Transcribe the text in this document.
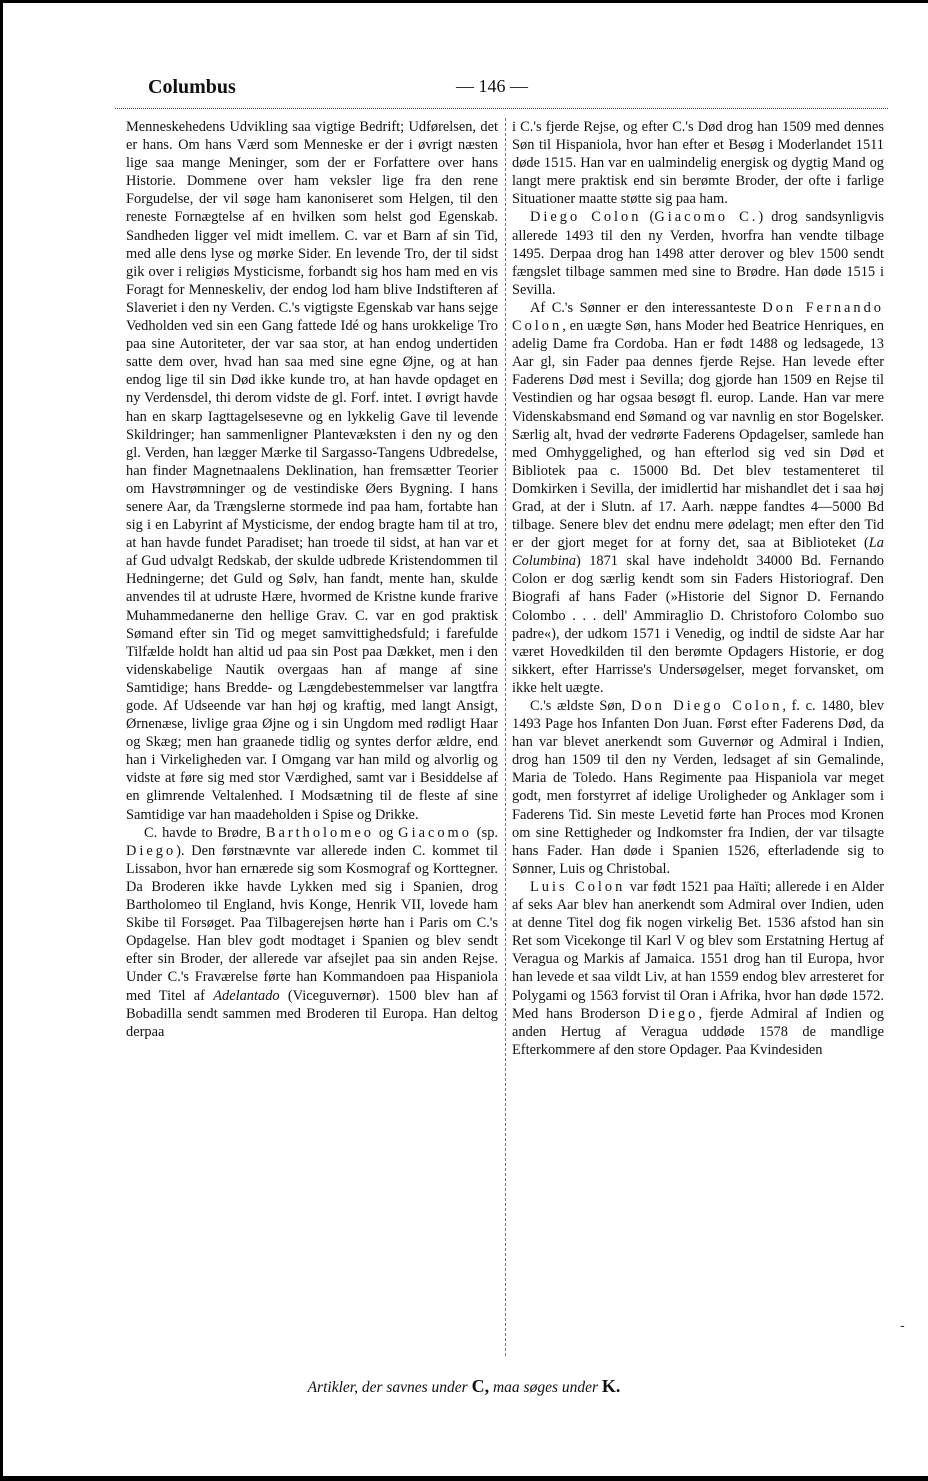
Columbus	— 146 —

Menneskehedens Udvikling saa vigtige Bedrift; Udførelsen, det er hans. Om hans Værd som Menneske er der i øvrigt næsten lige saa mange Meninger, som der er Forfattere over hans Historie. Dommene over ham veksler lige fra den rene Forgudelse, der vil søge ham kanoniseret som Helgen, til den reneste Fornægtelse af en hvilken som helst god Egenskab. Sandheden ligger vel midt imellem. C. var et Barn af sin Tid, med alle dens lyse og mørke Sider. En levende Tro, der til sidst gik over i religiøs Mysticisme, forbandt sig hos ham med en vis Foragt for Menneskeliv, der endog lod ham blive Indstifteren af Slaveriet i den ny Verden. C.'s vigtigste Egenskab var hans sejge Vedholden ved sin een Gang fattede Idé og hans urokkelige Tro paa sine Autoriteter, der var saa stor, at han endog undertiden satte dem over, hvad han saa med sine egne Øjne, og at han endog lige til sin Død ikke kunde tro, at han havde opdaget en ny Verdensdel, thi derom vidste de gl. Forf. intet. I øvrigt havde han en skarp Iagttagelsesevne og en lykkelig Gave til levende Skildringer; han sammenligner Plantevæksten i den ny og den gl. Verden, han lægger Mærke til Sargasso-Tangens Udbredelse, han finder Magnetnaalens Deklination, han fremsætter Teorier om Havstrømninger og de vestindiske Øers Bygning. I hans senere Aar, da Trængslerne stormede ind paa ham, fortabte han sig i en Labyrint af Mysticisme, der endog bragte ham til at tro, at han havde fundet Paradiset; han troede til sidst, at han var et af Gud udvalgt Redskab, der skulde udbrede Kristendommen til Hedningerne; det Guld og Sølv, han fandt, mente han, skulde anvendes til at udruste Hære, hvormed de Kristne kunde frarive Muhammedanerne den hellige Grav. C. var en god praktisk Sømand efter sin Tid og meget samvittighedsfuld; i farefulde Tilfælde holdt han altid ud paa sin Post paa Dækket, men i den videnskabelige Nautik overgaas han af mange af sine Samtidige; hans Bredde- og Længdebestemmelser var langtfra gode. Af Udseende var han høj og kraftig, med langt Ansigt, Ørnenæse, livlige graa Øjne og i sin Ungdom med rødligt Haar og Skæg; men han graanede tidlig og syntes derfor ældre, end han i Virkeligheden var. I Omgang var han mild og alvorlig og vidste at føre sig med stor Værdighed, samt var i Besiddelse af en glimrende Veltalenhed. I Modsætning til de fleste af sine Samtidige var han maadeholden i Spise og Drikke.

C. havde to Brødre, Bartholomeo og Giacomo (sp. Diego). Den førstnævnte var allerede inden C. kommet til Lissabon, hvor han ernærede sig som Kosmograf og Korttegner. Da Broderen ikke havde Lykken med sig i Spanien, drog Bartholomeo til England, hvis Konge, Henrik VII, lovede ham Skibe til Forsøget. Paa Tilbagerejsen hørte han i Paris om C.'s Opdagelse. Han blev godt modtaget i Spanien og blev sendt efter sin Broder, der allerede var afsejlet paa sin anden Rejse. Under C.'s Fraværelse førte han Kommandoen paa Hispaniola med Titel af Adelantado (Viceguvernør). 1500 blev han af Bobadilla sendt sammen med Broderen til Europa. Han deltog derpaa

i C.'s fjerde Rejse, og efter C.'s Død drog han 1509 med dennes Søn til Hispaniola, hvor han efter et Besøg i Moderlandet 1511 døde 1515. Han var en ualmindelig energisk og dygtig Mand og langt mere praktisk end sin berømte Broder, der ofte i farlige Situationer maatte støtte sig paa ham.

Diego Colon (Giacomo C.) drog sandsynligvis allerede 1493 til den ny Verden, hvorfra han vendte tilbage 1495. Derpaa drog han 1498 atter derover og blev 1500 sendt fængslet tilbage sammen med sine to Brødre. Han døde 1515 i Sevilla.

Af C.'s Sønner er den interessanteste Don Fernando Colon, en uægte Søn, hans Moder hed Beatrice Henriques, en adelig Dame fra Cordoba. Han er født 1488 og ledsagede, 13 Aar gl, sin Fader paa dennes fjerde Rejse. Han levede efter Faderens Død mest i Sevilla; dog gjorde han 1509 en Rejse til Vestindien og har ogsaa besøgt fl. europ. Lande. Han var mere Videnskabsmand end Sømand og var navnlig en stor Bogelsker. Særlig alt, hvad der vedrørte Faderens Opdagelser, samlede han med Omhyggelighed, og han efterlod sig ved sin Død et Bibliotek paa c. 15000 Bd. Det blev testamenteret til Domkirken i Sevilla, der imidlertid har mishandlet det i saa høj Grad, at der i Slutn. af 17. Aarh. næppe fandtes 4—5000 Bd tilbage. Senere blev det endnu mere ødelagt; men efter den Tid er der gjort meget for at forny det, saa at Biblioteket (La Columbina) 1871 skal have indeholdt 34000 Bd. Fernando Colon er dog særlig kendt som sin Faders Historiograf. Den Biografi af hans Fader (»Historie del Signor D. Fernando Colombo . . . dell' Ammiraglio D. Christoforo Colombo suo padre«), der udkom 1571 i Venedig, og indtil de sidste Aar har været Hovedkilden til den berømte Opdagers Historie, er dog sikkert, efter Harrisse's Undersøgelser, meget forvansket, om ikke helt uægte.

C.'s ældste Søn, Don Diego Colon, f. c. 1480, blev 1493 Page hos Infanten Don Juan. Først efter Faderens Død, da han var blevet anerkendt som Guvernør og Admiral i Indien, drog han 1509 til den ny Verden, ledsaget af sin Gemalinde, Maria de Toledo. Hans Regimente paa Hispaniola var meget godt, men forstyrret af idelige Uroligheder og Anklager som i Faderens Tid. Sin meste Levetid førte han Proces mod Kronen om sine Rettigheder og Indkomster fra Indien, der var tilsagte hans Fader. Han døde i Spanien 1526, efterladende sig to Sønner, Luis og Christobal.

Luis Colon var født 1521 paa Haïti; allerede i en Alder af seks Aar blev han anerkendt som Admiral over Indien, uden at denne Titel dog fik nogen virkelig Bet. 1536 afstod han sin Ret som Vicekonge til Karl V og blev som Erstatning Hertug af Veragua og Markis af Jamaica. 1551 drog han til Europa, hvor han levede et saa vildt Liv, at han 1559 endog blev arresteret for Polygami og 1563 forvist til Oran i Afrika, hvor han døde 1572. Med hans Broderson Diego, fjerde Admiral af Indien og anden Hertug af Veragua uddøde 1578 de mandlige Efterkommere af den store Opdager. Paa Kvindesiden

Artikler, der savnes under C, maa søges under K.
-
